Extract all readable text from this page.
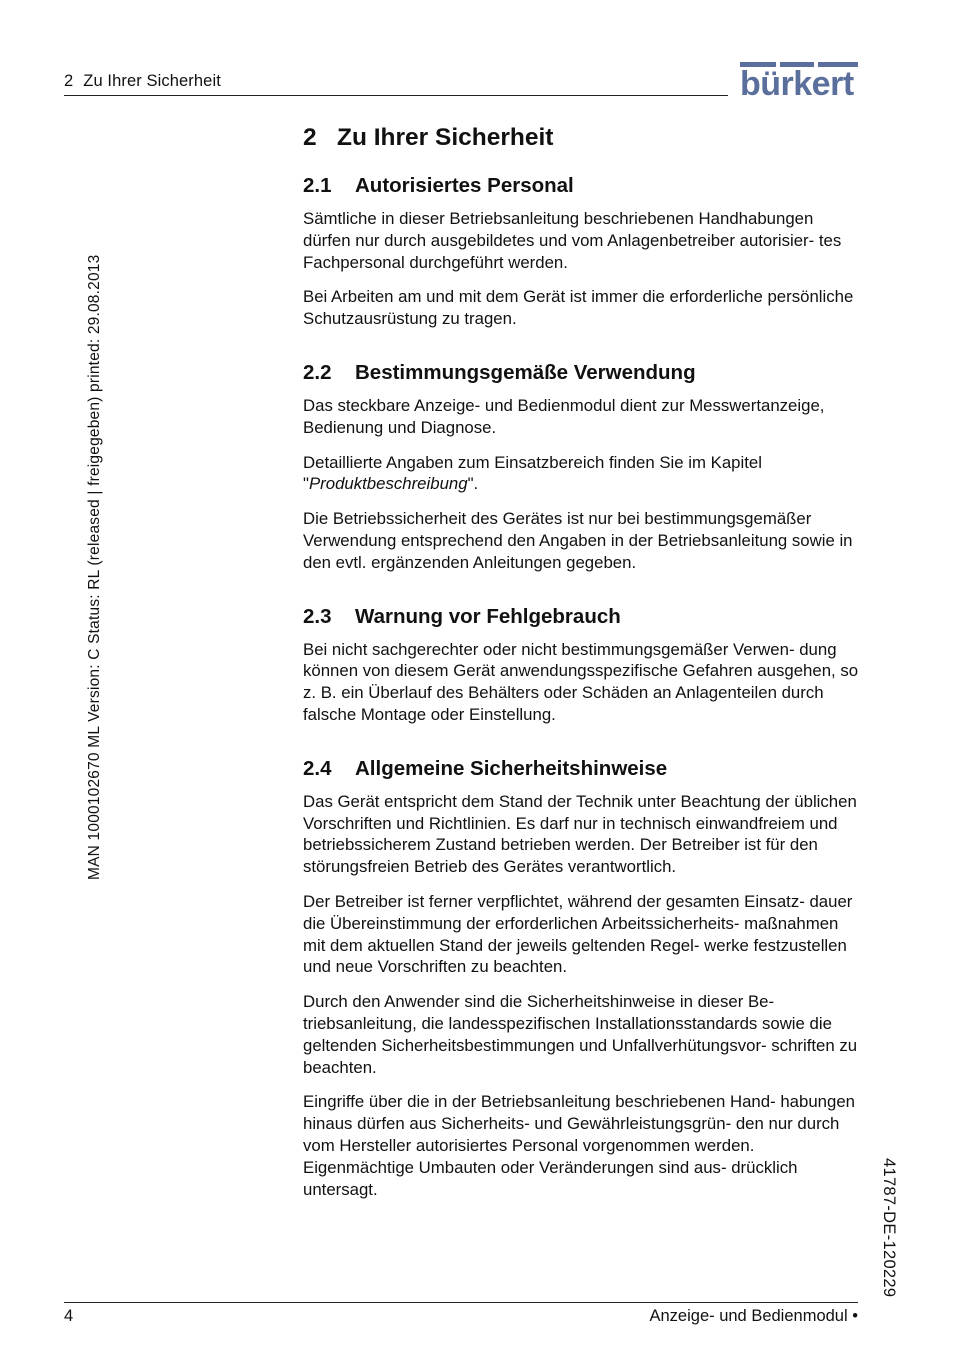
2 Zu Ihrer Sicherheit	bürkert
MAN 1000102670 ML Version: C Status: RL (released | freigegeben) printed: 29.08.2013
41787-DE-120229
2 Zu Ihrer Sicherheit
2.1 Autorisiertes Personal

Sämtliche in dieser Betriebsanleitung beschriebenen Handhabungen dürfen nur durch ausgebildetes und vom Anlagenbetreiber autorisier- tes Fachpersonal durchgeführt werden.

Bei Arbeiten am und mit dem Gerät ist immer die erforderliche persönliche Schutzausrüstung zu tragen.

2.2 Bestimmungsgemäße Verwendung

Das steckbare Anzeige- und Bedienmodul dient zur Messwertanzeige, Bedienung und Diagnose.

Detaillierte Angaben zum Einsatzbereich finden Sie im Kapitel "Produktbeschreibung".

Die Betriebssicherheit des Gerätes ist nur bei bestimmungsgemäßer Verwendung entsprechend den Angaben in der Betriebsanleitung sowie in den evtl. ergänzenden Anleitungen gegeben.

2.3 Warnung vor Fehlgebrauch

Bei nicht sachgerechter oder nicht bestimmungsgemäßer Verwen- dung können von diesem Gerät anwendungsspezifische Gefahren ausgehen, so z. B. ein Überlauf des Behälters oder Schäden an Anlagenteilen durch falsche Montage oder Einstellung.

2.4 Allgemeine Sicherheitshinweise

Das Gerät entspricht dem Stand der Technik unter Beachtung der üblichen Vorschriften und Richtlinien. Es darf nur in technisch einwandfreiem und betriebssicherem Zustand betrieben werden. Der Betreiber ist für den störungsfreien Betrieb des Gerätes verantwortlich.

Der Betreiber ist ferner verpflichtet, während der gesamten Einsatz- dauer die Übereinstimmung der erforderlichen Arbeitssicherheits- maßnahmen mit dem aktuellen Stand der jeweils geltenden Regel- werke festzustellen und neue Vorschriften zu beachten.

Durch den Anwender sind die Sicherheitshinweise in dieser Be- triebsanleitung, die landesspezifischen Installationsstandards sowie die geltenden Sicherheitsbestimmungen und Unfallverhütungsvor- schriften zu beachten.

Eingriffe über die in der Betriebsanleitung beschriebenen Hand- habungen hinaus dürfen aus Sicherheits- und Gewährleistungsgrün- den nur durch vom Hersteller autorisiertes Personal vorgenommen werden. Eigenmächtige Umbauten oder Veränderungen sind aus- drücklich untersagt.

4	Anzeige- und Bedienmodul •
